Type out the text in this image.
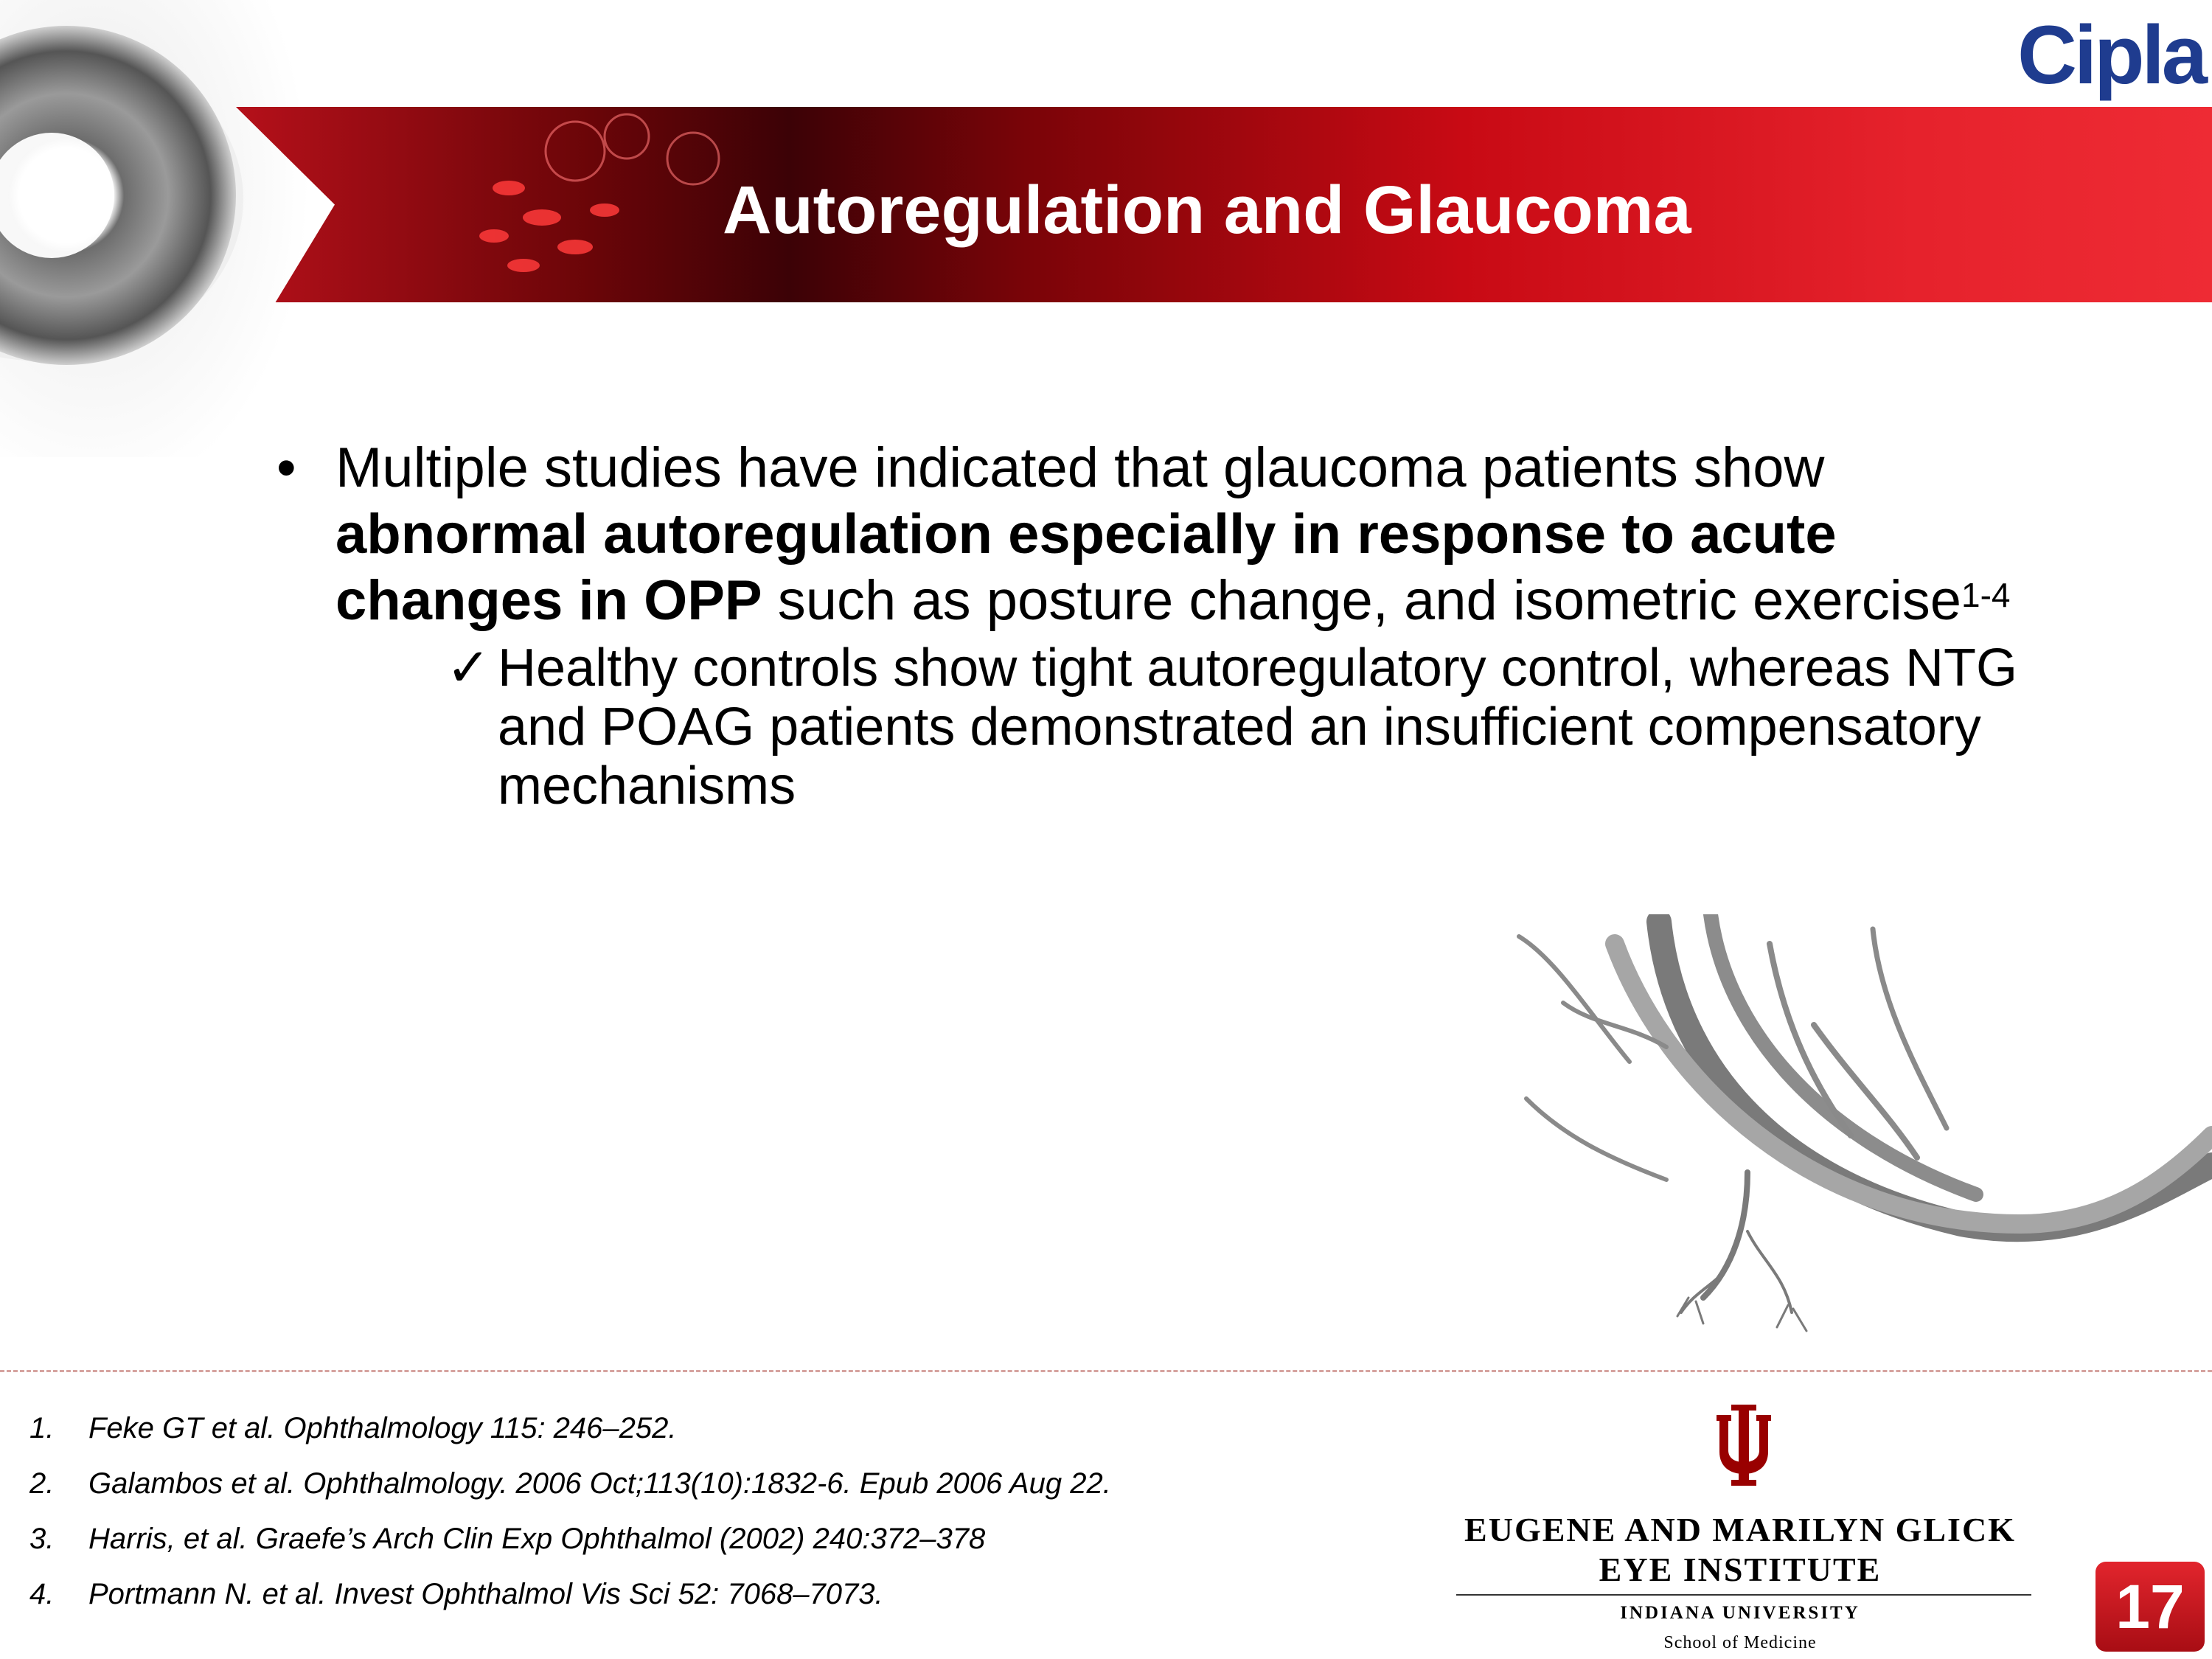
Cipla
Autoregulation and Glaucoma
• Multiple studies have indicated that glaucoma patients show abnormal autoregulation especially in response to acute changes in OPP such as posture change, and isometric exercise$^{1-4}$
✓ Healthy controls show tight autoregulatory control, whereas NTG and POAG patients demonstrated an insufficient compensatory mechanisms
1. Feke GT et al. Ophthalmology 115: 246–252.
2. Galambos et al. Ophthalmology. 2006 Oct;113(10):1832-6. Epub 2006 Aug 22.
3. Harris, et al. Graefe’s Arch Clin Exp Ophthalmol (2002) 240:372–378
4. Portmann N. et al. Invest Ophthalmol Vis Sci 52: 7068–7073.
EUGENE AND MARILYN GLICK
EYE INSTITUTE
INDIANA UNIVERSITY
School of Medicine
17
